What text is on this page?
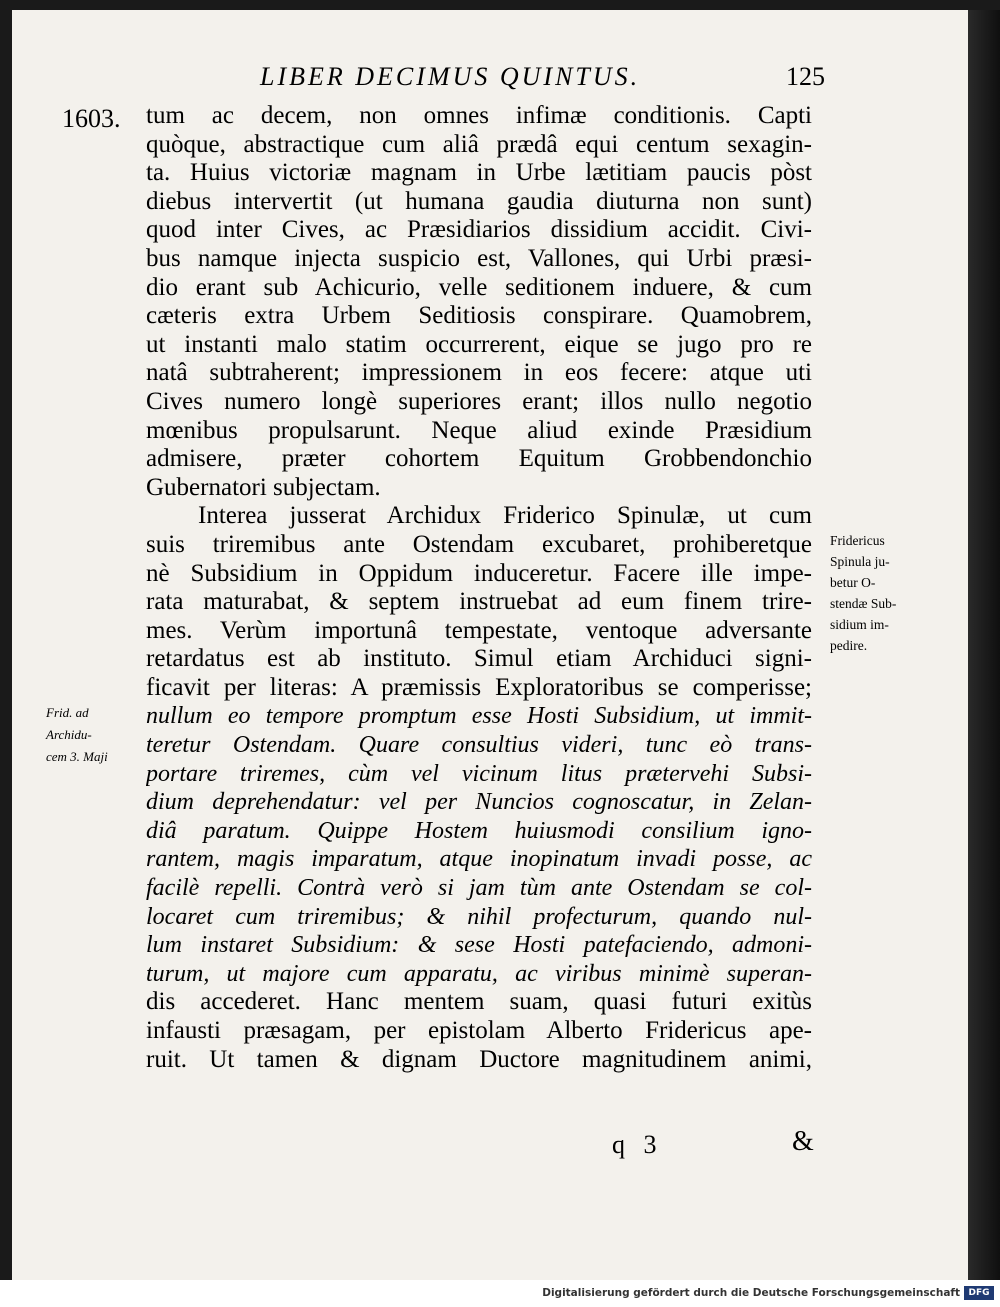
LIBER DECIMUS QUINTUS.	125
1603. tum ac decem, non omnes infimæ conditionis. Capti
quòque, abstractique cum aliâ prædâ equi centum sexagin-
ta. Huius victoriæ magnam in Urbe lætitiam paucis pòst
diebus intervertit (ut humana gaudia diuturna non sunt)
quod inter Cives, ac Præsidiarios dissidium accidit. Civi-
bus namque injecta suspicio est, Vallones, qui Urbi præsi-
dio erant sub Achicurio, velle seditionem induere, & cum
cæteris extra Urbem Seditiosis conspirare. Quamobrem,
ut instanti malo statim occurrerent, eique se jugo pro re
natâ subtraherent; impressionem in eos fecere: atque uti
Cives numero longè superiores erant; illos nullo negotio
mœnibus propulsarunt. Neque aliud exinde Præsidium
admisere, præter cohortem Equitum Grobbendonchio
Gubernatori subjectam.
Interea jusserat Archidux Friderico Spinulæ, ut cum
suis triremibus ante Ostendam excubaret, prohiberetque
nè Subsidium in Oppidum induceretur. Facere ille impe-
rata maturabat, & septem instruebat ad eum finem trire-
mes. Verùm importunâ tempestate, ventoque adversante
retardatus est ab instituto. Simul etiam Archiduci signi-
ficavit per literas: A præmissis Exploratoribus se comperisse;
nullum eo tempore promptum esse Hosti Subsidium, ut immit-
teretur Ostendam. Quare consultius videri, tunc eò trans-
portare triremes, cùm vel vicinum litus prætervehi Subsi-
dium deprehendatur: vel per Nuncios cognoscatur, in Zelan-
diâ paratum. Quippe Hostem huiusmodi consilium igno-
rantem, magis imparatum, atque inopinatum invadi posse, ac
facilè repelli. Contrà verò si jam tùm ante Ostendam se col-
locaret cum triremibus; & nihil profecturum, quando nul-
lum instaret Subsidium: & sese Hosti patefaciendo, admoni-
turum, ut majore cum apparatu, ac viribus minimè superan-
dis accederet. Hanc mentem suam, quasi futuri exitùs
infausti præsagam, per epistolam Alberto Fridericus ape-
ruit. Ut tamen & dignam Ductore magnitudinem animi,
Fridericus
Spinula ju-
betur O-
stendæ Sub-
sidium im-
pedire.
Frid. ad
Archidu-
cem 3. Maji
q 3	&
Digitalisierung gefördert durch die Deutsche Forschungsgemeinschaft DFG
